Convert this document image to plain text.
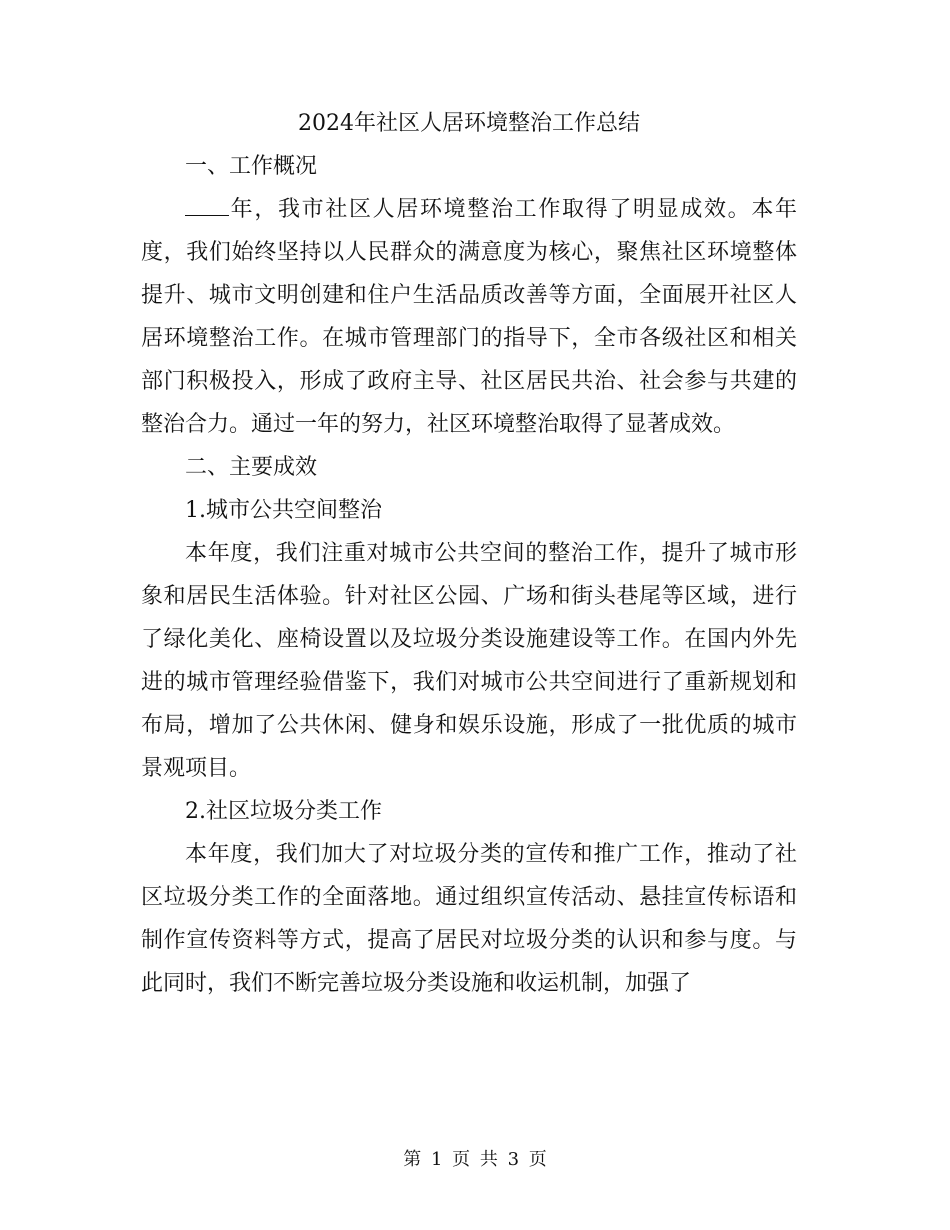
2024年社区人居环境整治工作总结
一、工作概况

年，我市社区人居环境整治工作取得了明显成效。本年度，我们始终坚持以人民群众的满意度为核心，聚焦社区环境整体提升、城市文明创建和住户生活品质改善等方面，全面展开社区人居环境整治工作。在城市管理部门的指导下，全市各级社区和相关部门积极投入，形成了政府主导、社区居民共治、社会参与共建的整治合力。通过一年的努力，社区环境整治取得了显著成效。

二、主要成效
1.城市公共空间整治

本年度，我们注重对城市公共空间的整治工作，提升了城市形象和居民生活体验。针对社区公园、广场和街头巷尾等区域，进行了绿化美化、座椅设置以及垃圾分类设施建设等工作。在国内外先进的城市管理经验借鉴下，我们对城市公共空间进行了重新规划和布局，增加了公共休闲、健身和娱乐设施，形成了一批优质的城市景观项目。

2.社区垃圾分类工作

本年度，我们加大了对垃圾分类的宣传和推广工作，推动了社区垃圾分类工作的全面落地。通过组织宣传活动、悬挂宣传标语和制作宣传资料等方式，提高了居民对垃圾分类的认识和参与度。与此同时，我们不断完善垃圾分类设施和收运机制，加强了

第 1 页 共 3 页
